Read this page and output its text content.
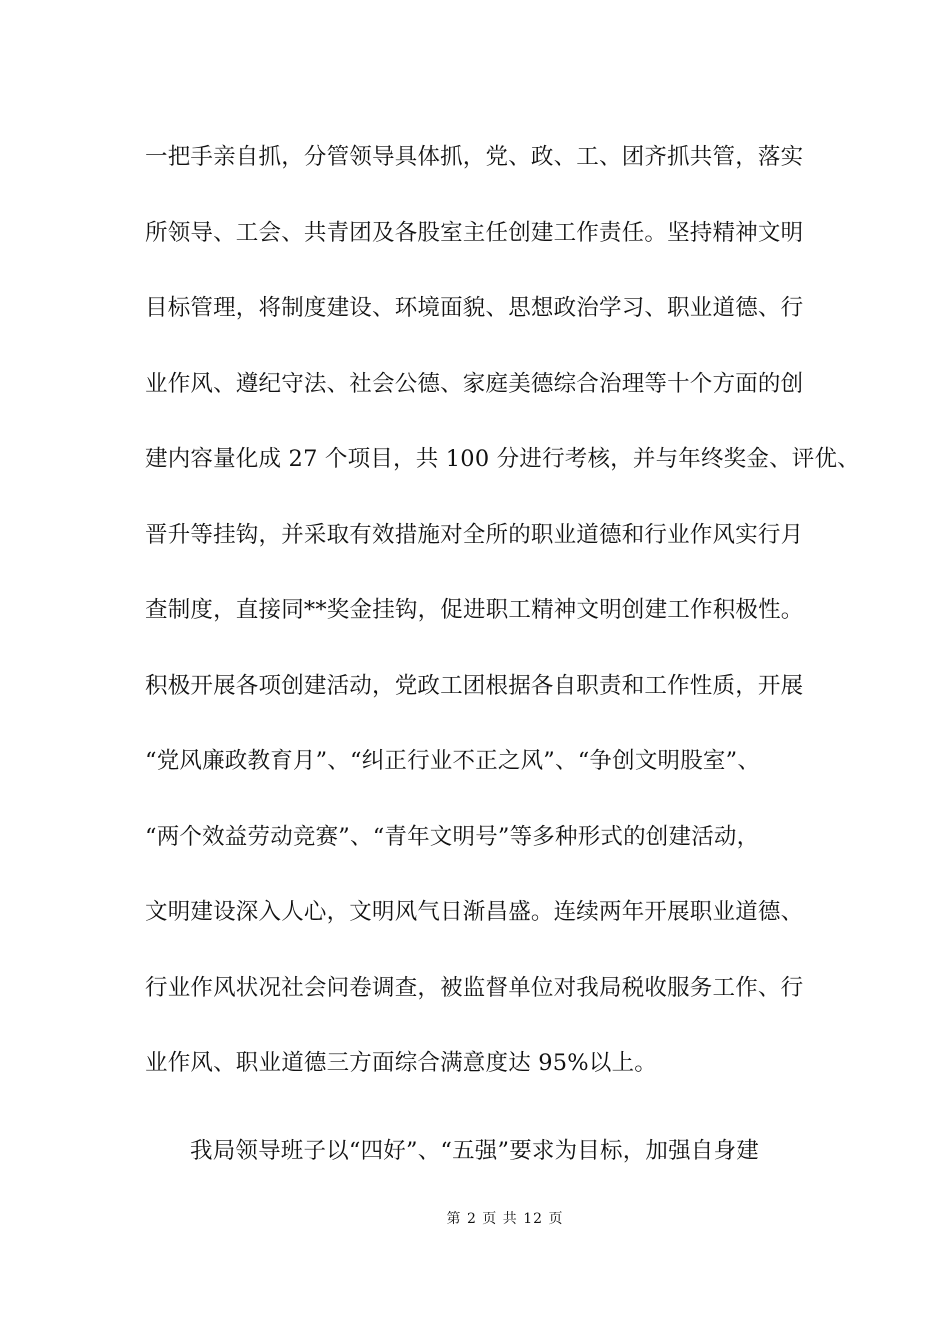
一把手亲自抓，分管领导具体抓，党、政、工、团齐抓共管，落实
所领导、工会、共青团及各股室主任创建工作责任。坚持精神文明
目标管理，将制度建设、环境面貌、思想政治学习、职业道德、行
业作风、遵纪守法、社会公德、家庭美德综合治理等十个方面的创
建内容量化成 27 个项目，共 100 分进行考核，并与年终奖金、评优、
晋升等挂钩，并采取有效措施对全所的职业道德和行业作风实行月
查制度，直接同**奖金挂钩，促进职工精神文明创建工作积极性。
积极开展各项创建活动，党政工团根据各自职责和工作性质，开展
“党风廉政教育月”、“纠正行业不正之风”、“争创文明股室”、
“两个效益劳动竞赛”、“青年文明号”等多种形式的创建活动，
文明建设深入人心，文明风气日渐昌盛。连续两年开展职业道德、
行业作风状况社会问卷调查，被监督单位对我局税收服务工作、行
业作风、职业道德三方面综合满意度达 95%以上。
我局领导班子以“四好”、“五强”要求为目标，加强自身建
第 2 页 共 12 页
